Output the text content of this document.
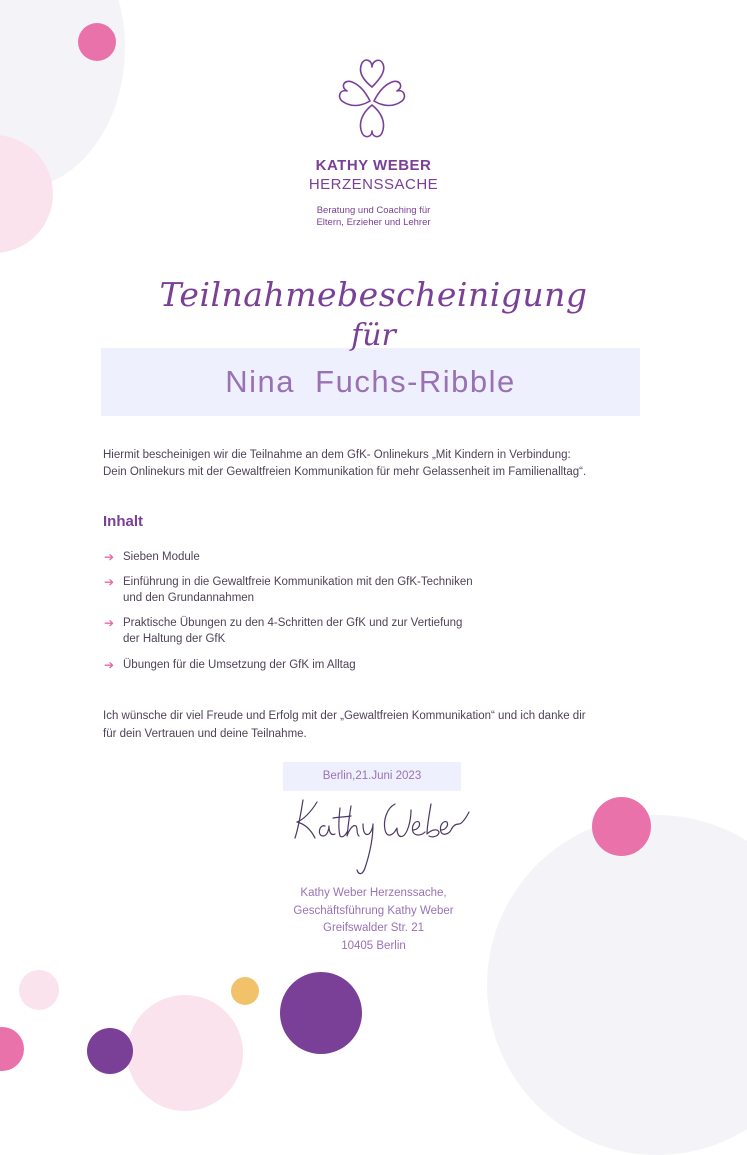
KATHY WEBER
HERZENSSACHE
Beratung und Coaching für
Eltern, Erzieher und Lehrer
Teilnahmebescheinigung
für
Nina  Fuchs-Ribble
Hiermit bescheinigen wir die Teilnahme an dem GfK- Onlinekurs „Mit Kindern in Verbindung:
Dein Onlinekurs mit der Gewaltfreien Kommunikation für mehr Gelassenheit im Familienalltag“.
Inhalt
➔ Sieben Module
➔ Einführung in die Gewaltfreie Kommunikation mit den GfK-Techniken
und den Grundannahmen
➔ Praktische Übungen zu den 4-Schritten der GfK und zur Vertiefung
der Haltung der GfK
➔ Übungen für die Umsetzung der GfK im Alltag
Ich wünsche dir viel Freude und Erfolg mit der „Gewaltfreien Kommunikation“ und ich danke dir
für dein Vertrauen und deine Teilnahme.
Berlin,21.Juni 2023
Kathy Weber Herzenssache,
Geschäftsführung Kathy Weber
Greifswalder Str. 21
10405 Berlin
